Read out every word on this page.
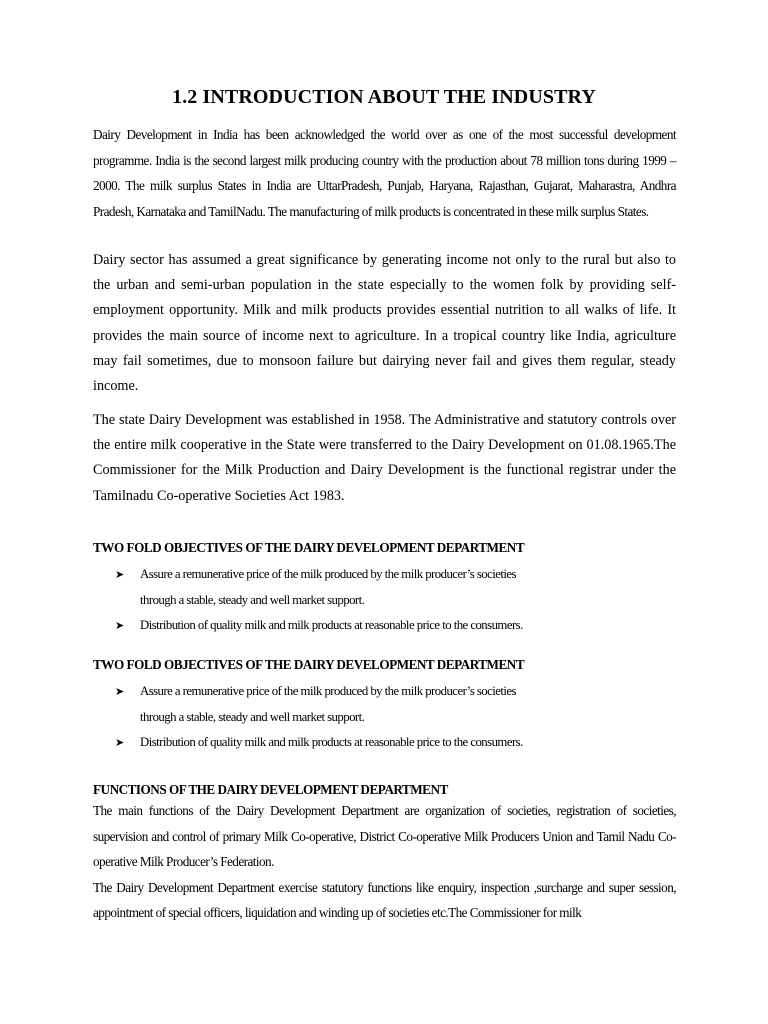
1.2 INTRODUCTION ABOUT THE INDUSTRY

Dairy Development in India has been acknowledged the world over as one of the most successful development programme. India is the second largest milk producing country with the production about 78 million tons during 1999 – 2000. The milk surplus States in India are UttarPradesh, Punjab, Haryana, Rajasthan, Gujarat, Maharastra, Andhra Pradesh, Karnataka and TamilNadu. The manufacturing of milk products is concentrated in these milk surplus States.

Dairy sector has assumed a great significance by generating income not only to the rural but also to the urban and semi-urban population in the state especially to the women folk by providing self-employment opportunity. Milk and milk products provides essential nutrition to all walks of life. It provides the main source of income next to agriculture. In a tropical country like India, agriculture may fail sometimes, due to monsoon failure but dairying never fail and gives them regular, steady income.

The state Dairy Development was established in 1958. The Administrative and statutory controls over the entire milk cooperative in the State were transferred to the Dairy Development on 01.08.1965.The Commissioner for the Milk Production and Dairy Development is the functional registrar under the Tamilnadu Co-operative Societies Act 1983.

TWO FOLD OBJECTIVES OF THE DAIRY DEVELOPMENT DEPARTMENT
➤ Assure a remunerative price of the milk produced by the milk producer’s societies
through a stable, steady and well market support.
➤ Distribution of quality milk and milk products at reasonable price to the consumers.
TWO FOLD OBJECTIVES OF THE DAIRY DEVELOPMENT DEPARTMENT
➤ Assure a remunerative price of the milk produced by the milk producer’s societies
through a stable, steady and well market support.
➤ Distribution of quality milk and milk products at reasonable price to the consumers.
FUNCTIONS OF THE DAIRY DEVELOPMENT DEPARTMENT

The main functions of the Dairy Development Department are organization of societies, registration of societies, supervision and control of primary Milk Co-operative, District Co-operative Milk Producers Union and Tamil Nadu Co-operative Milk Producer’s Federation.

The Dairy Development Department exercise statutory functions like enquiry, inspection ,surcharge and super session, appointment of special officers, liquidation and winding up of societies etc.The Commissioner for milk
